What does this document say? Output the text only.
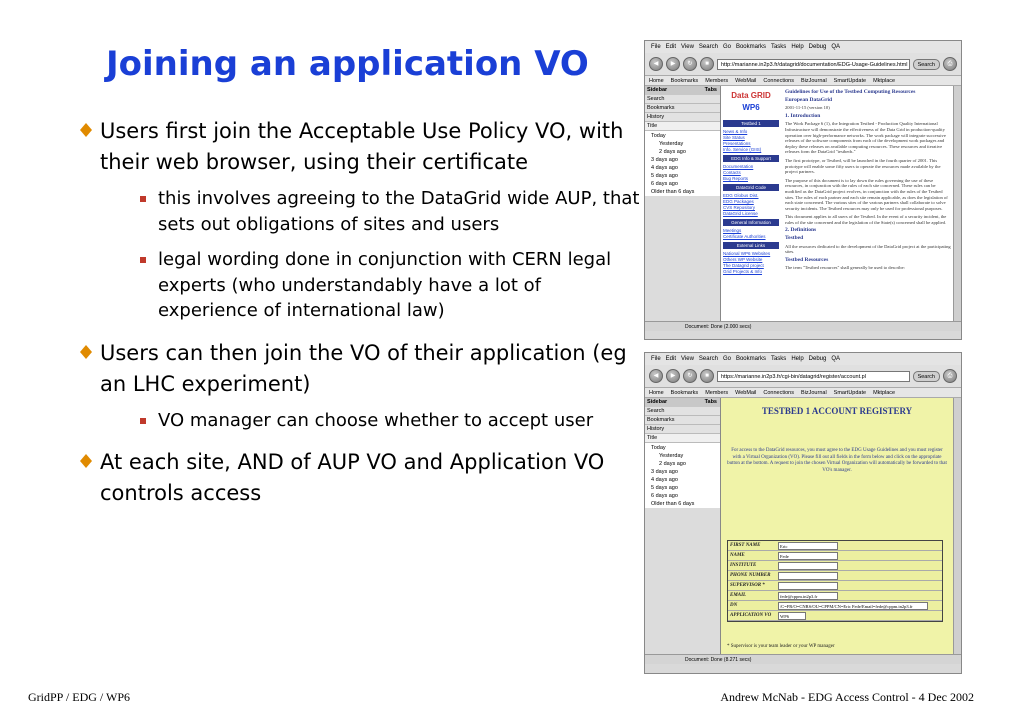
Joining an application VO
Users first join the Acceptable Use Policy VO, with their web browser, using their certificate
this involves agreeing to the DataGrid wide AUP, that sets out obligations of sites and users
legal wording done in conjunction with CERN legal experts (who understandably have a lot of experience of international law)
Users can then join the VO of their application (eg an LHC experiment)
VO manager can choose whether to accept user
At each site, AND of AUP VO and Application VO controls access
GridPP / EDG / WP6	Andrew McNab - EDG Access Control - 4 Dec 2002
File Edit View Search Go Bookmarks Tasks Help Debug QA
◀	▶	↻	■	http://marianne.in2p3.fr/datagrid/documentation/EDG-Usage-Guidelines.html	Search	⎙
Home Bookmarks Members WebMail Connections BizJournal SmartUpdate Mktplace
Sidebar	Tabs
Search
Bookmarks
History
Title
Today
Yesterday
2 days ago
3 days ago
4 days ago
5 days ago
6 days ago
Older than 6 days
Data GRID
WP6
Testbed 1
News & Info
Site Status
Presentations
Info. Service (GIIS)
EDG Info & Support
Documentation
Contacts
Bug Reports
DataGrid Code
EDG Globus Dist.
EDG Packages
CVS Repository
DataGrid License
General Information
Meetings
Certificate Authorities
External Links
National WP6 Websites
Others WP Website
The Datagrid project
Grid Projects & Info
Guidelines for Use of the Testbed Computing Resources
European DataGrid

2001-11-15 (version 10)

1. Introduction

The Work Package 6 (1), the Integration Testbed - Production Quality International Infrastructure will demonstrate the effectiveness of the Data Grid in production-quality operation over high-performance networks. The work package will integrate successive releases of the software components from each of the development work packages and deploy these releases on available computing resources. These resources and iterative releases form the DataGrid "testbeds."

The first prototype, or Testbed, will be launched in the fourth quarter of 2001. This prototype will enable some fifty users to operate the resources made available by the project partners.

The purpose of this document is to lay down the rules governing the use of these resources, in conjunction with the rules of each site concerned. These rules can be modified as the DataGrid project evolves, in conjunction with the rules of the Testbed sites. The rules of each partner and each site remain applicable, as does the legislation of each state concerned. The various sites of the various partners shall collaborate to solve security incidents. The Testbed resources may only be used for professional purposes.

This document applies to all users of the Testbed. In the event of a security incident, the rules of the site concerned and the legislation of the State(s) concerned shall be applied.

2. Definitions
Testbed

All the resources dedicated to the development of the DataGrid project at the participating sites.

Testbed Resources

The term "Testbed resources" shall generally be used to describe:

Document: Done (2.000 secs)
File Edit View Search Go Bookmarks Tasks Help Debug QA
◀	▶	↻	■	https://marianne.in2p3.fr/cgi-bin/datagrid/register/account.pl	Search	⎙
Home Bookmarks Members WebMail Connections BizJournal SmartUpdate Mktplace
Sidebar	Tabs
Search
Bookmarks
History
Title
Today
Yesterday
2 days ago
3 days ago
4 days ago
5 days ago
6 days ago
Older than 6 days
TESTBED 1 ACCOUNT REGISTERY
For access to the DataGrid resources, you must agree to the EDG Usage Guidelines and you must register with a Virtual Organization (VO). Please fill out all fields in the form below and click on the appropriate button at the bottom. A request to join the chosen Virtual Organization will automatically be forwarded to that VO's manager.
FIRST NAME	Eric
NAME	Fede
INSTITUTE
PHONE NUMBER
SUPERVISOR *
EMAIL	fede@cppm.in2p3.fr
DN	/C=FR/O=CNRS/OU=CPPM/CN=Eric Fede/Email=fede@cppm.in2p3.fr
APPLICATION VO	WP6
* Supervisor is your team leader or your WP manager
Document: Done (8.271 secs)
